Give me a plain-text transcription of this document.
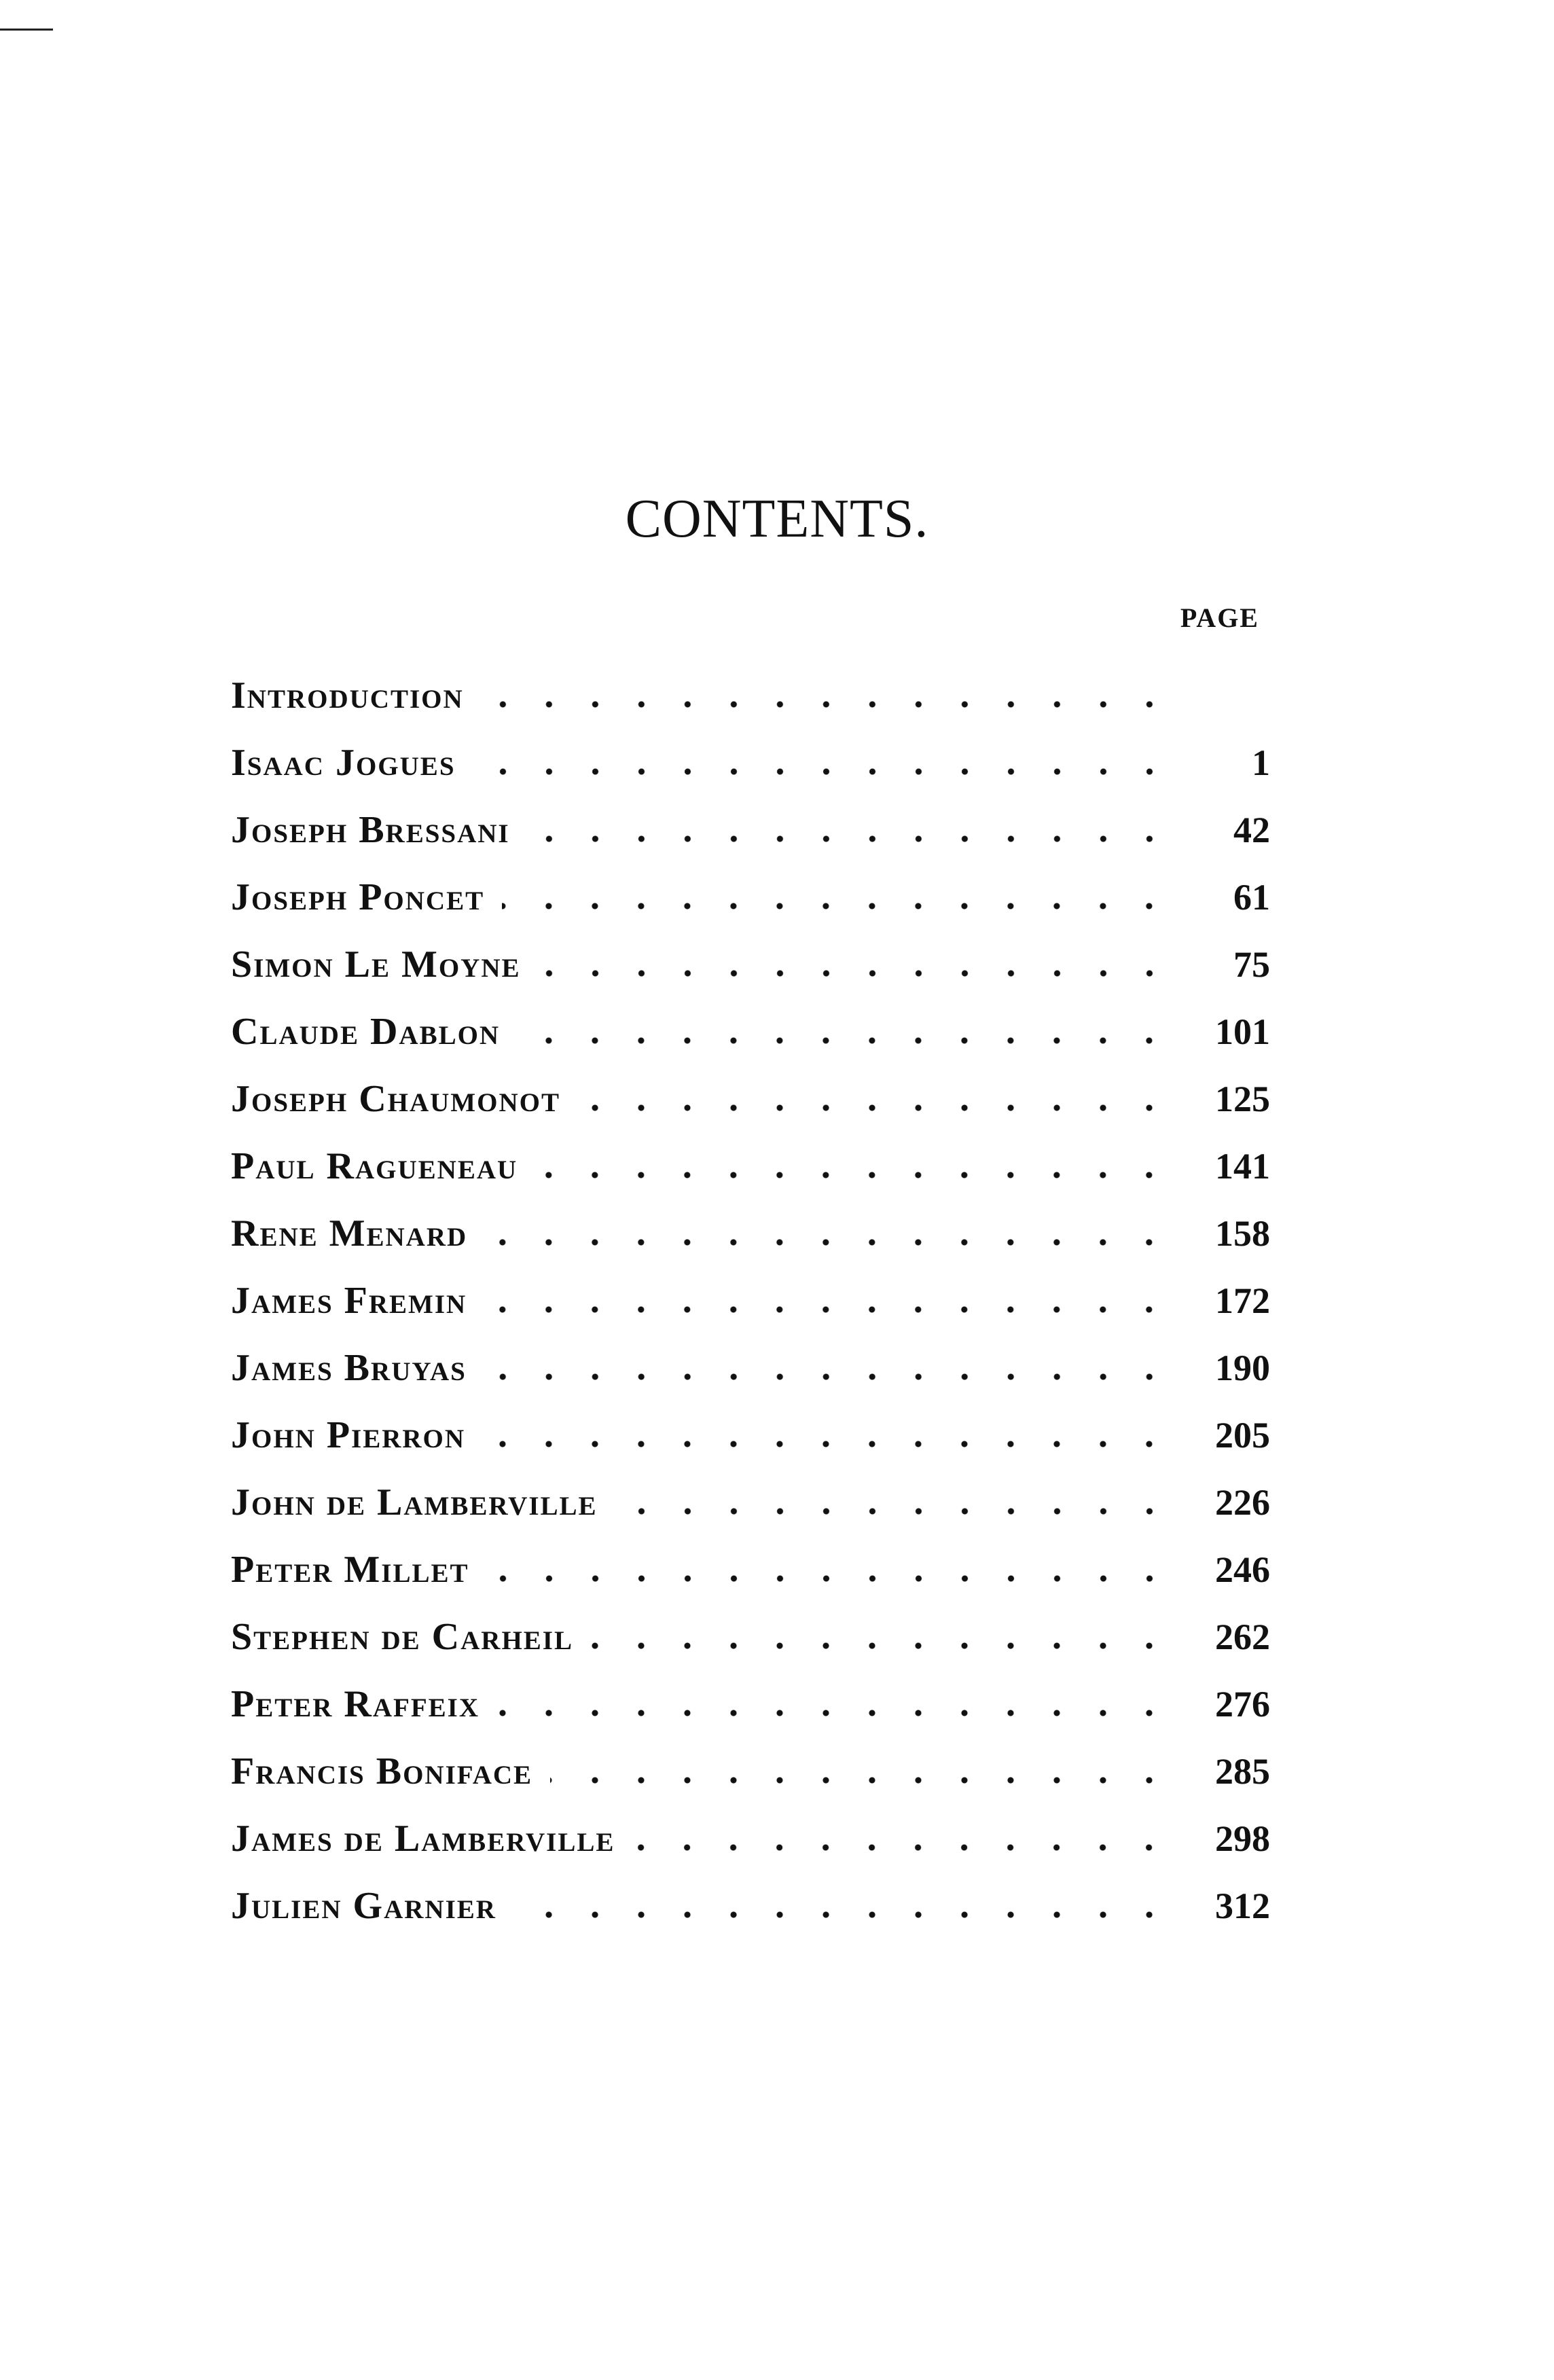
CONTENTS.
PAGE
Introduction
Isaac Jogues	1
Joseph Bressani	42
Joseph Poncet	61
Simon Le Moyne	75
Claude Dablon	101
Joseph Chaumonot	125
Paul Ragueneau	141
Rene Menard	158
James Fremin	172
James Bruyas	190
John Pierron	205
John de Lamberville	226
Peter Millet	246
Stephen de Carheil	262
Peter Raffeix	276
Francis Boniface	285
James de Lamberville	298
Julien Garnier	312
